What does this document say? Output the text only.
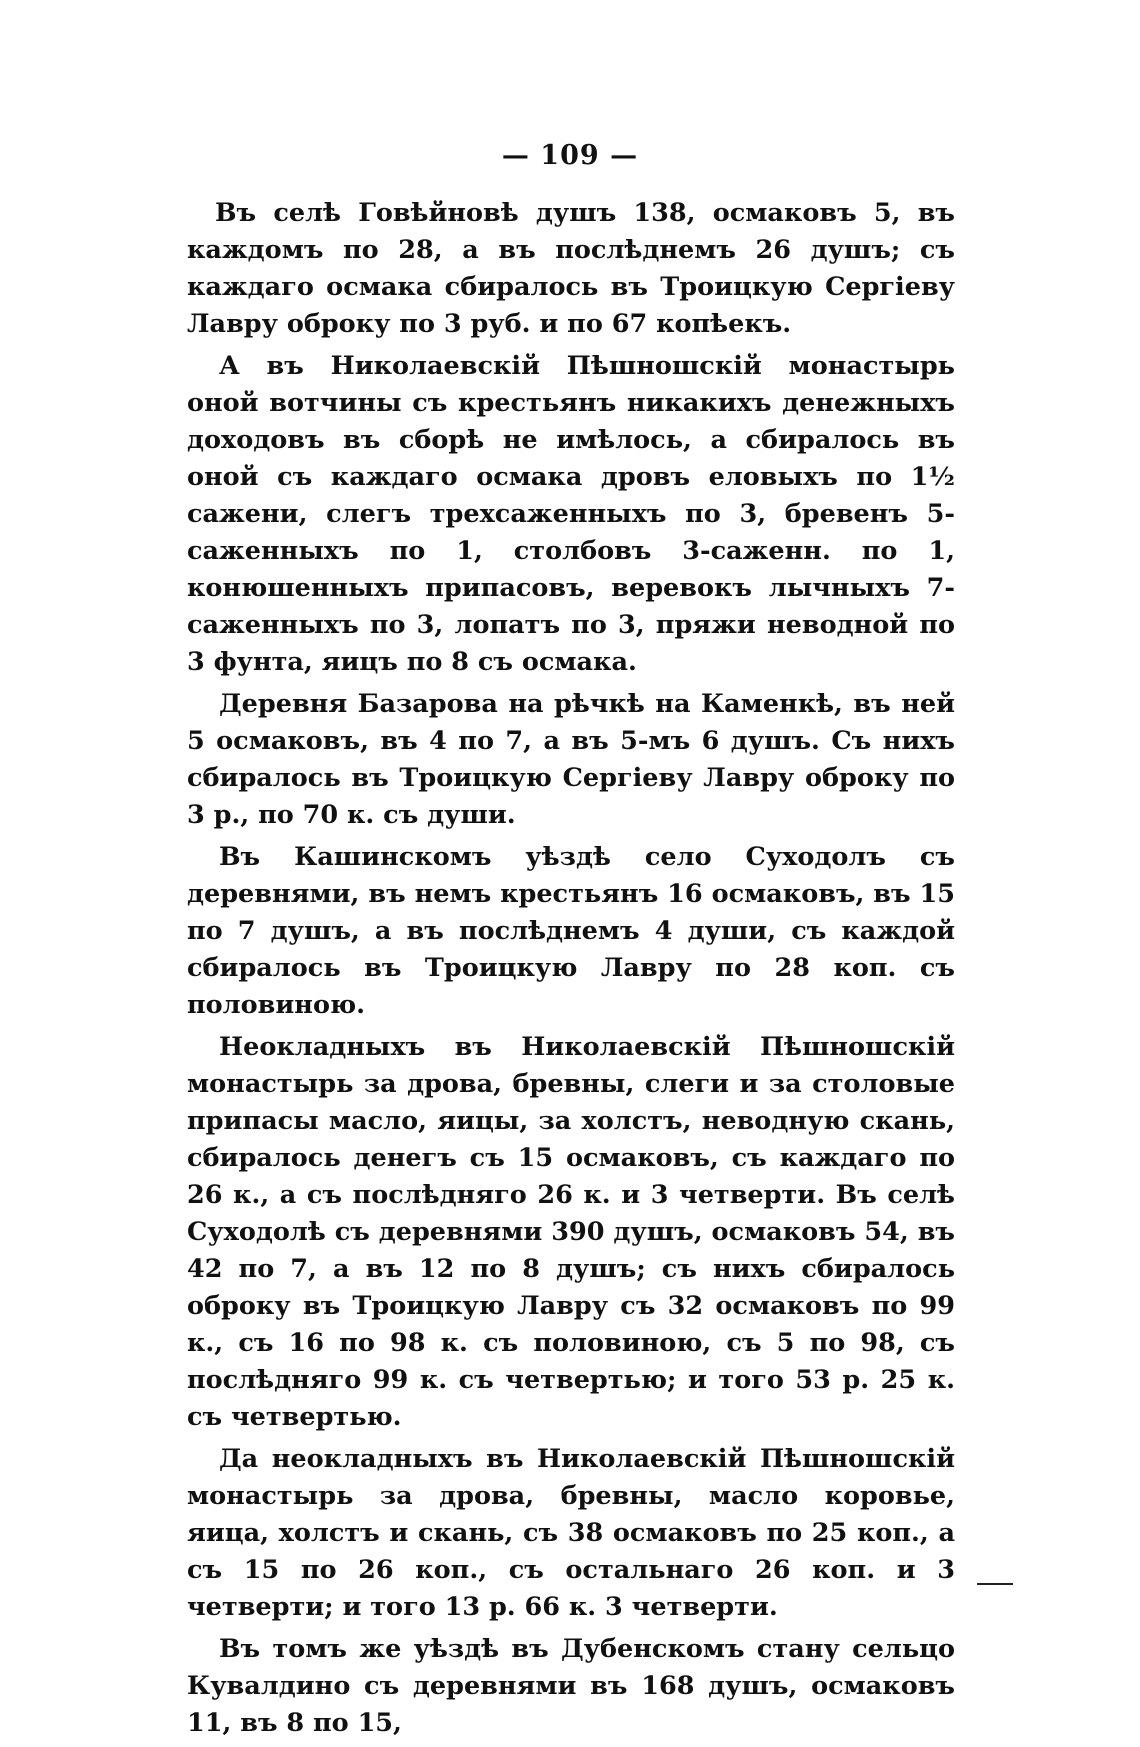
— 109 —

Въ селѣ Говѣйновѣ душъ 138, осмаковъ 5, въ каждомъ по 28, а въ послѣднемъ 26 душъ; съ каждаго осмака сбиралось въ Троицкую Сергіеву Лавру оброку по 3 руб. и по 67 копѣекъ.

А въ Николаевскій Пѣшношскій монастырь оной вотчины съ крестьянъ никакихъ денежныхъ доходовъ въ сборѣ не имѣлось, а сбиралось въ оной съ каждаго осмака дровъ еловыхъ по 1½ сажени, слегъ трехсаженныхъ по 3, бревенъ 5-саженныхъ по 1, столбовъ 3-саженн. по 1, конюшенныхъ припасовъ, веревокъ лычныхъ 7-саженныхъ по 3, лопатъ по 3, пряжи неводной по 3 фунта, яицъ по 8 съ осмака.

Деревня Базарова на рѣчкѣ на Каменкѣ, въ ней 5 осмаковъ, въ 4 по 7, а въ 5-мъ 6 душъ. Съ нихъ сбиралось въ Троицкую Сергіеву Лавру оброку по 3 р., по 70 к. съ души.

Въ Кашинскомъ уѣздѣ село Суходолъ съ деревнями, въ немъ крестьянъ 16 осмаковъ, въ 15 по 7 душъ, а въ послѣднемъ 4 души, съ каждой сбиралось въ Троицкую Лавру по 28 коп. съ половиною.

Неокладныхъ въ Николаевскій Пѣшношскій монастырь за дрова, бревны, слеги и за столовые припасы масло, яицы, за холстъ, неводную скань, сбиралось денегъ съ 15 осмаковъ, съ каждаго по 26 к., а съ послѣдняго 26 к. и 3 четверти. Въ селѣ Суходолѣ съ деревнями 390 душъ, осмаковъ 54, въ 42 по 7, а въ 12 по 8 душъ; съ нихъ сбиралось оброку въ Троицкую Лавру съ 32 осмаковъ по 99 к., съ 16 по 98 к. съ половиною, съ 5 по 98, съ послѣдняго 99 к. съ четвертью; и того 53 р. 25 к. съ четвертью.

Да неокладныхъ въ Николаевскій Пѣшношскій монастырь за дрова, бревны, масло коровье, яица, холстъ и скань, съ 38 осмаковъ по 25 коп., а съ 15 по 26 коп., съ остальнаго 26 коп. и 3 четверти; и того 13 р. 66 к. 3 четверти.

Въ томъ же уѣздѣ въ Дубенскомъ стану сельцо Кувалдино съ деревнями въ 168 душъ, осмаковъ 11, въ 8 по 15,
